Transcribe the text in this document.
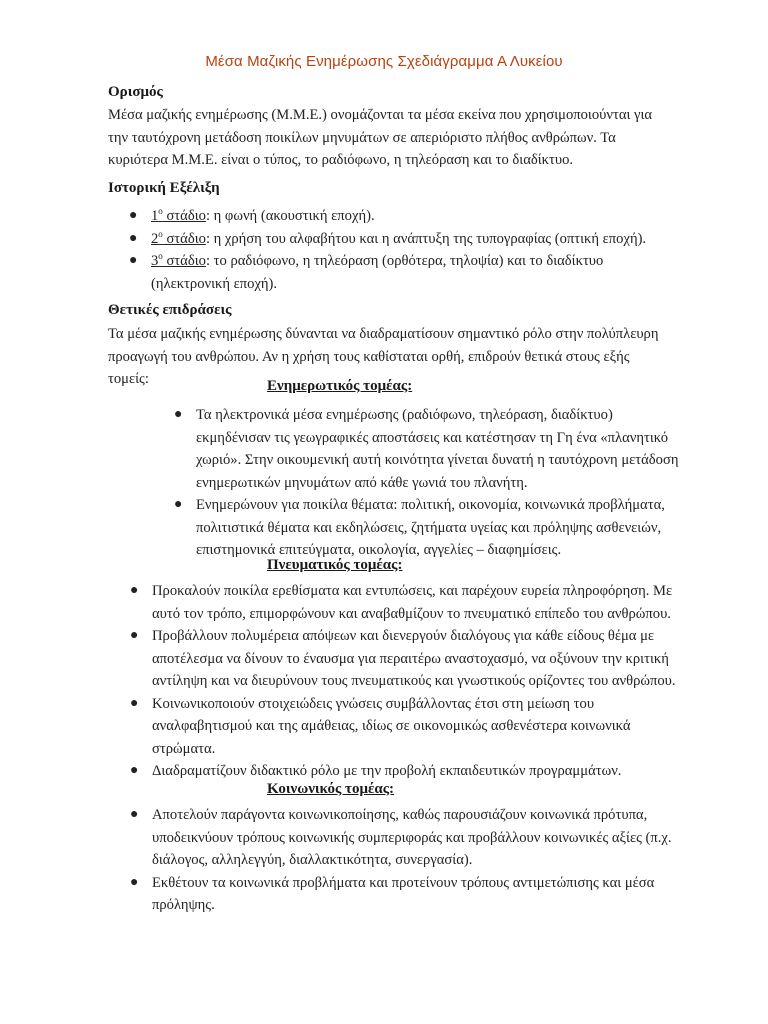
Μέσα Μαζικής Ενημέρωσης Σχεδιάγραμμα Α Λυκείου
Ορισμός
Μέσα μαζικής ενημέρωσης (Μ.Μ.Ε.) ονομάζονται τα μέσα εκείνα που χρησιμοποιούνται για την ταυτόχρονη μετάδοση ποικίλων μηνυμάτων σε απεριόριστο πλήθος ανθρώπων. Τα κυριότερα Μ.Μ.Ε. είναι ο τύπος, το ραδιόφωνο, η τηλεόραση και το διαδίκτυο.
Ιστορική Εξέλιξη
● $1^o$ στάδιο: η φωνή (ακουστική εποχή).
● $2^o$ στάδιο: η χρήση του αλφαβήτου και η ανάπτυξη της τυπογραφίας (οπτική εποχή).
● $3^o$ στάδιο: το ραδιόφωνο, η τηλεόραση (ορθότερα, τηλοψία) και το διαδίκτυο (ηλεκτρονική εποχή).
Θετικές επιδράσεις
Τα μέσα μαζικής ενημέρωσης δύνανται να διαδραματίσουν σημαντικό ρόλο στην πολύπλευρη προαγωγή του ανθρώπου. Αν η χρήση τους καθίσταται ορθή, επιδρούν θετικά στους εξής τομείς:	Ενημερωτικός τομέας:
● Τα ηλεκτρονικά μέσα ενημέρωσης (ραδιόφωνο, τηλεόραση, διαδίκτυο) εκμηδένισαν τις γεωγραφικές αποστάσεις και κατέστησαν τη Γη ένα «πλανητικό χωριό». Στην οικουμενική αυτή κοινότητα γίνεται δυνατή η ταυτόχρονη μετάδοση ενημερωτικών μηνυμάτων από κάθε γωνιά του πλανήτη.
● Ενημερώνουν για ποικίλα θέματα: πολιτική, οικονομία, κοινωνικά προβλήματα, πολιτιστικά θέματα και εκδηλώσεις, ζητήματα υγείας και πρόληψης ασθενειών, επιστημονικά επιτεύγματα, οικολογία, αγγελίες – διαφημίσεις.
Πνευματικός τομέας:
● Προκαλούν ποικίλα ερεθίσματα και εντυπώσεις, και παρέχουν ευρεία πληροφόρηση. Με αυτό τον τρόπο, επιμορφώνουν και αναβαθμίζουν το πνευματικό επίπεδο του ανθρώπου.
● Προβάλλουν πολυμέρεια απόψεων και διενεργούν διαλόγους για κάθε είδους θέμα με αποτέλεσμα να δίνουν το έναυσμα για περαιτέρω αναστοχασμό, να οξύνουν την κριτική αντίληψη και να διευρύνουν τους πνευματικούς και γνωστικούς ορίζοντες του ανθρώπου.
● Κοινωνικοποιούν στοιχειώδεις γνώσεις συμβάλλοντας έτσι στη μείωση του αναλφαβητισμού και της αμάθειας, ιδίως σε οικονομικώς ασθενέστερα κοινωνικά στρώματα.
● Διαδραματίζουν διδακτικό ρόλο με την προβολή εκπαιδευτικών προγραμμάτων.
Κοινωνικός τομέας:
● Αποτελούν παράγοντα κοινωνικοποίησης, καθώς παρουσιάζουν κοινωνικά πρότυπα, υποδεικνύουν τρόπους κοινωνικής συμπεριφοράς και προβάλλουν κοινωνικές αξίες (π.χ. διάλογος, αλληλεγγύη, διαλλακτικότητα, συνεργασία).
● Εκθέτουν τα κοινωνικά προβλήματα και προτείνουν τρόπους αντιμετώπισης και μέσα πρόληψης.
